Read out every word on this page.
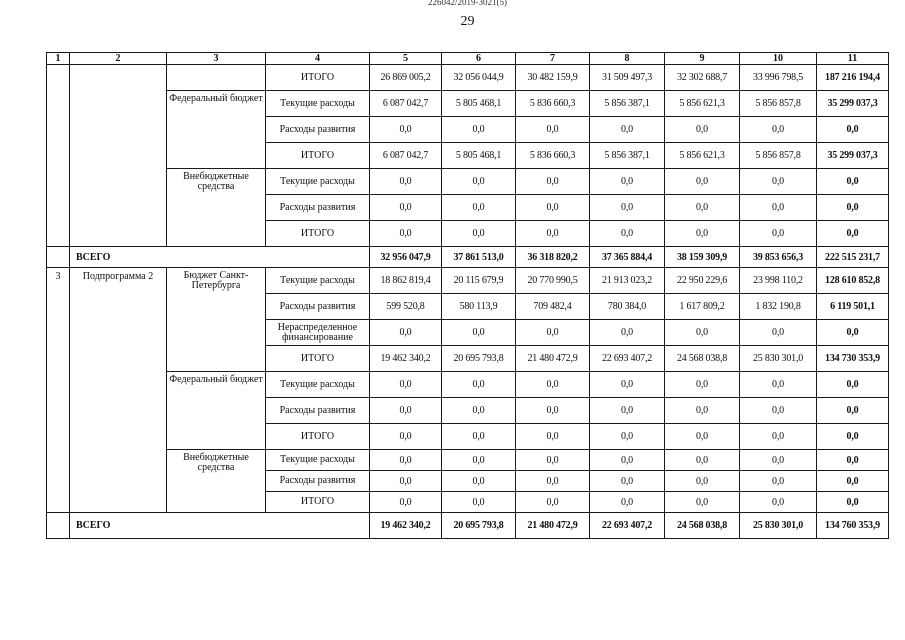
226042/2019-3021(5)
29
1	2	3	4	5	6	7	8	9	10	11
			ИТОГО	26 869 005,2	32 056 044,9	30 482 159,9	31 509 497,3	32 302 688,7	33 996 798,5	187 216 194,4
		Федеральный бюджет	Текущие расходы	6 087 042,7	5 805 468,1	5 836 660,3	5 856 387,1	5 856 621,3	5 856 857,8	35 299 037,3
			Расходы развития	0,0	0,0	0,0	0,0	0,0	0,0	0,0
			ИТОГО	6 087 042,7	5 805 468,1	5 836 660,3	5 856 387,1	5 856 621,3	5 856 857,8	35 299 037,3
		Внебюджетные средства	Текущие расходы	0,0	0,0	0,0	0,0	0,0	0,0	0,0
			Расходы развития	0,0	0,0	0,0	0,0	0,0	0,0	0,0
			ИТОГО	0,0	0,0	0,0	0,0	0,0	0,0	0,0
	ВСЕГО			32 956 047,9	37 861 513,0	36 318 820,2	37 365 884,4	38 159 309,9	39 853 656,3	222 515 231,7
3	Подпрограмма 2	Бюджет Санкт-Петербурга	Текущие расходы	18 862 819,4	20 115 679,9	20 770 990,5	21 913 023,2	22 950 229,6	23 998 110,2	128 610 852,8
			Расходы развития	599 520,8	580 113,9	709 482,4	780 384,0	1 617 809,2	1 832 190,8	6 119 501,1
			Нераспределенное финансирование	0,0	0,0	0,0	0,0	0,0	0,0	0,0
			ИТОГО	19 462 340,2	20 695 793,8	21 480 472,9	22 693 407,2	24 568 038,8	25 830 301,0	134 730 353,9
		Федеральный бюджет	Текущие расходы	0,0	0,0	0,0	0,0	0,0	0,0	0,0
			Расходы развития	0,0	0,0	0,0	0,0	0,0	0,0	0,0
			ИТОГО	0,0	0,0	0,0	0,0	0,0	0,0	0,0
		Внебюджетные средства	Текущие расходы	0,0	0,0	0,0	0,0	0,0	0,0	0,0
			Расходы развития	0,0	0,0	0,0	0,0	0,0	0,0	0,0
			ИТОГО	0,0	0,0	0,0	0,0	0,0	0,0	0,0
	ВСЕГО			19 462 340,2	20 695 793,8	21 480 472,9	22 693 407,2	24 568 038,8	25 830 301,0	134 760 353,9
